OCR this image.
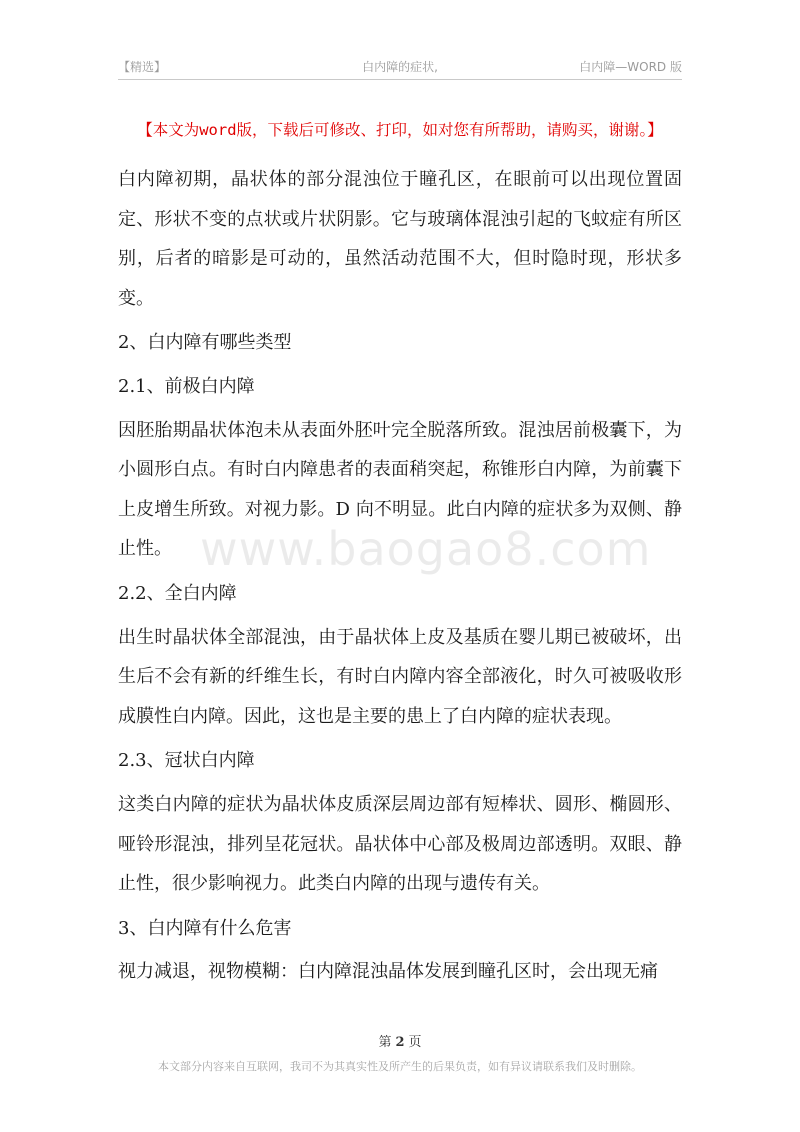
【精选】	白内障的症状,	白内障—WORD 版
【本文为word版，下载后可修改、打印，如对您有所帮助，请购买，谢谢。】
www.baogao8.com

白内障初期，晶状体的部分混浊位于瞳孔区，在眼前可以出现位置固定、形状不变的点状或片状阴影。它与玻璃体混浊引起的飞蚊症有所区别，后者的暗影是可动的，虽然活动范围不大，但时隐时现，形状多变。

2、白内障有哪些类型

2.1、前极白内障

因胚胎期晶状体泡未从表面外胚叶完全脱落所致。混浊居前极囊下，为小圆形白点。有时白内障患者的表面稍突起，称锥形白内障，为前囊下上皮增生所致。对视力影。D 向不明显。此白内障的症状多为双侧、静止性。

2.2、全白内障

出生时晶状体全部混浊，由于晶状体上皮及基质在婴儿期已被破坏，出生后不会有新的纤维生长，有时白内障内容全部液化，时久可被吸收形成膜性白内障。因此，这也是主要的患上了白内障的症状表现。

2.3、冠状白内障

这类白内障的症状为晶状体皮质深层周边部有短棒状、圆形、椭圆形、哑铃形混浊，排列呈花冠状。晶状体中心部及极周边部透明。双眼、静止性，很少影响视力。此类白内障的出现与遗传有关。

3、白内障有什么危害

视力减退，视物模糊：白内障混浊晶体发展到瞳孔区时，会出现无痛

第 2 页
本文部分内容来自互联网，我司不为其真实性及所产生的后果负责，如有异议请联系我们及时删除。
